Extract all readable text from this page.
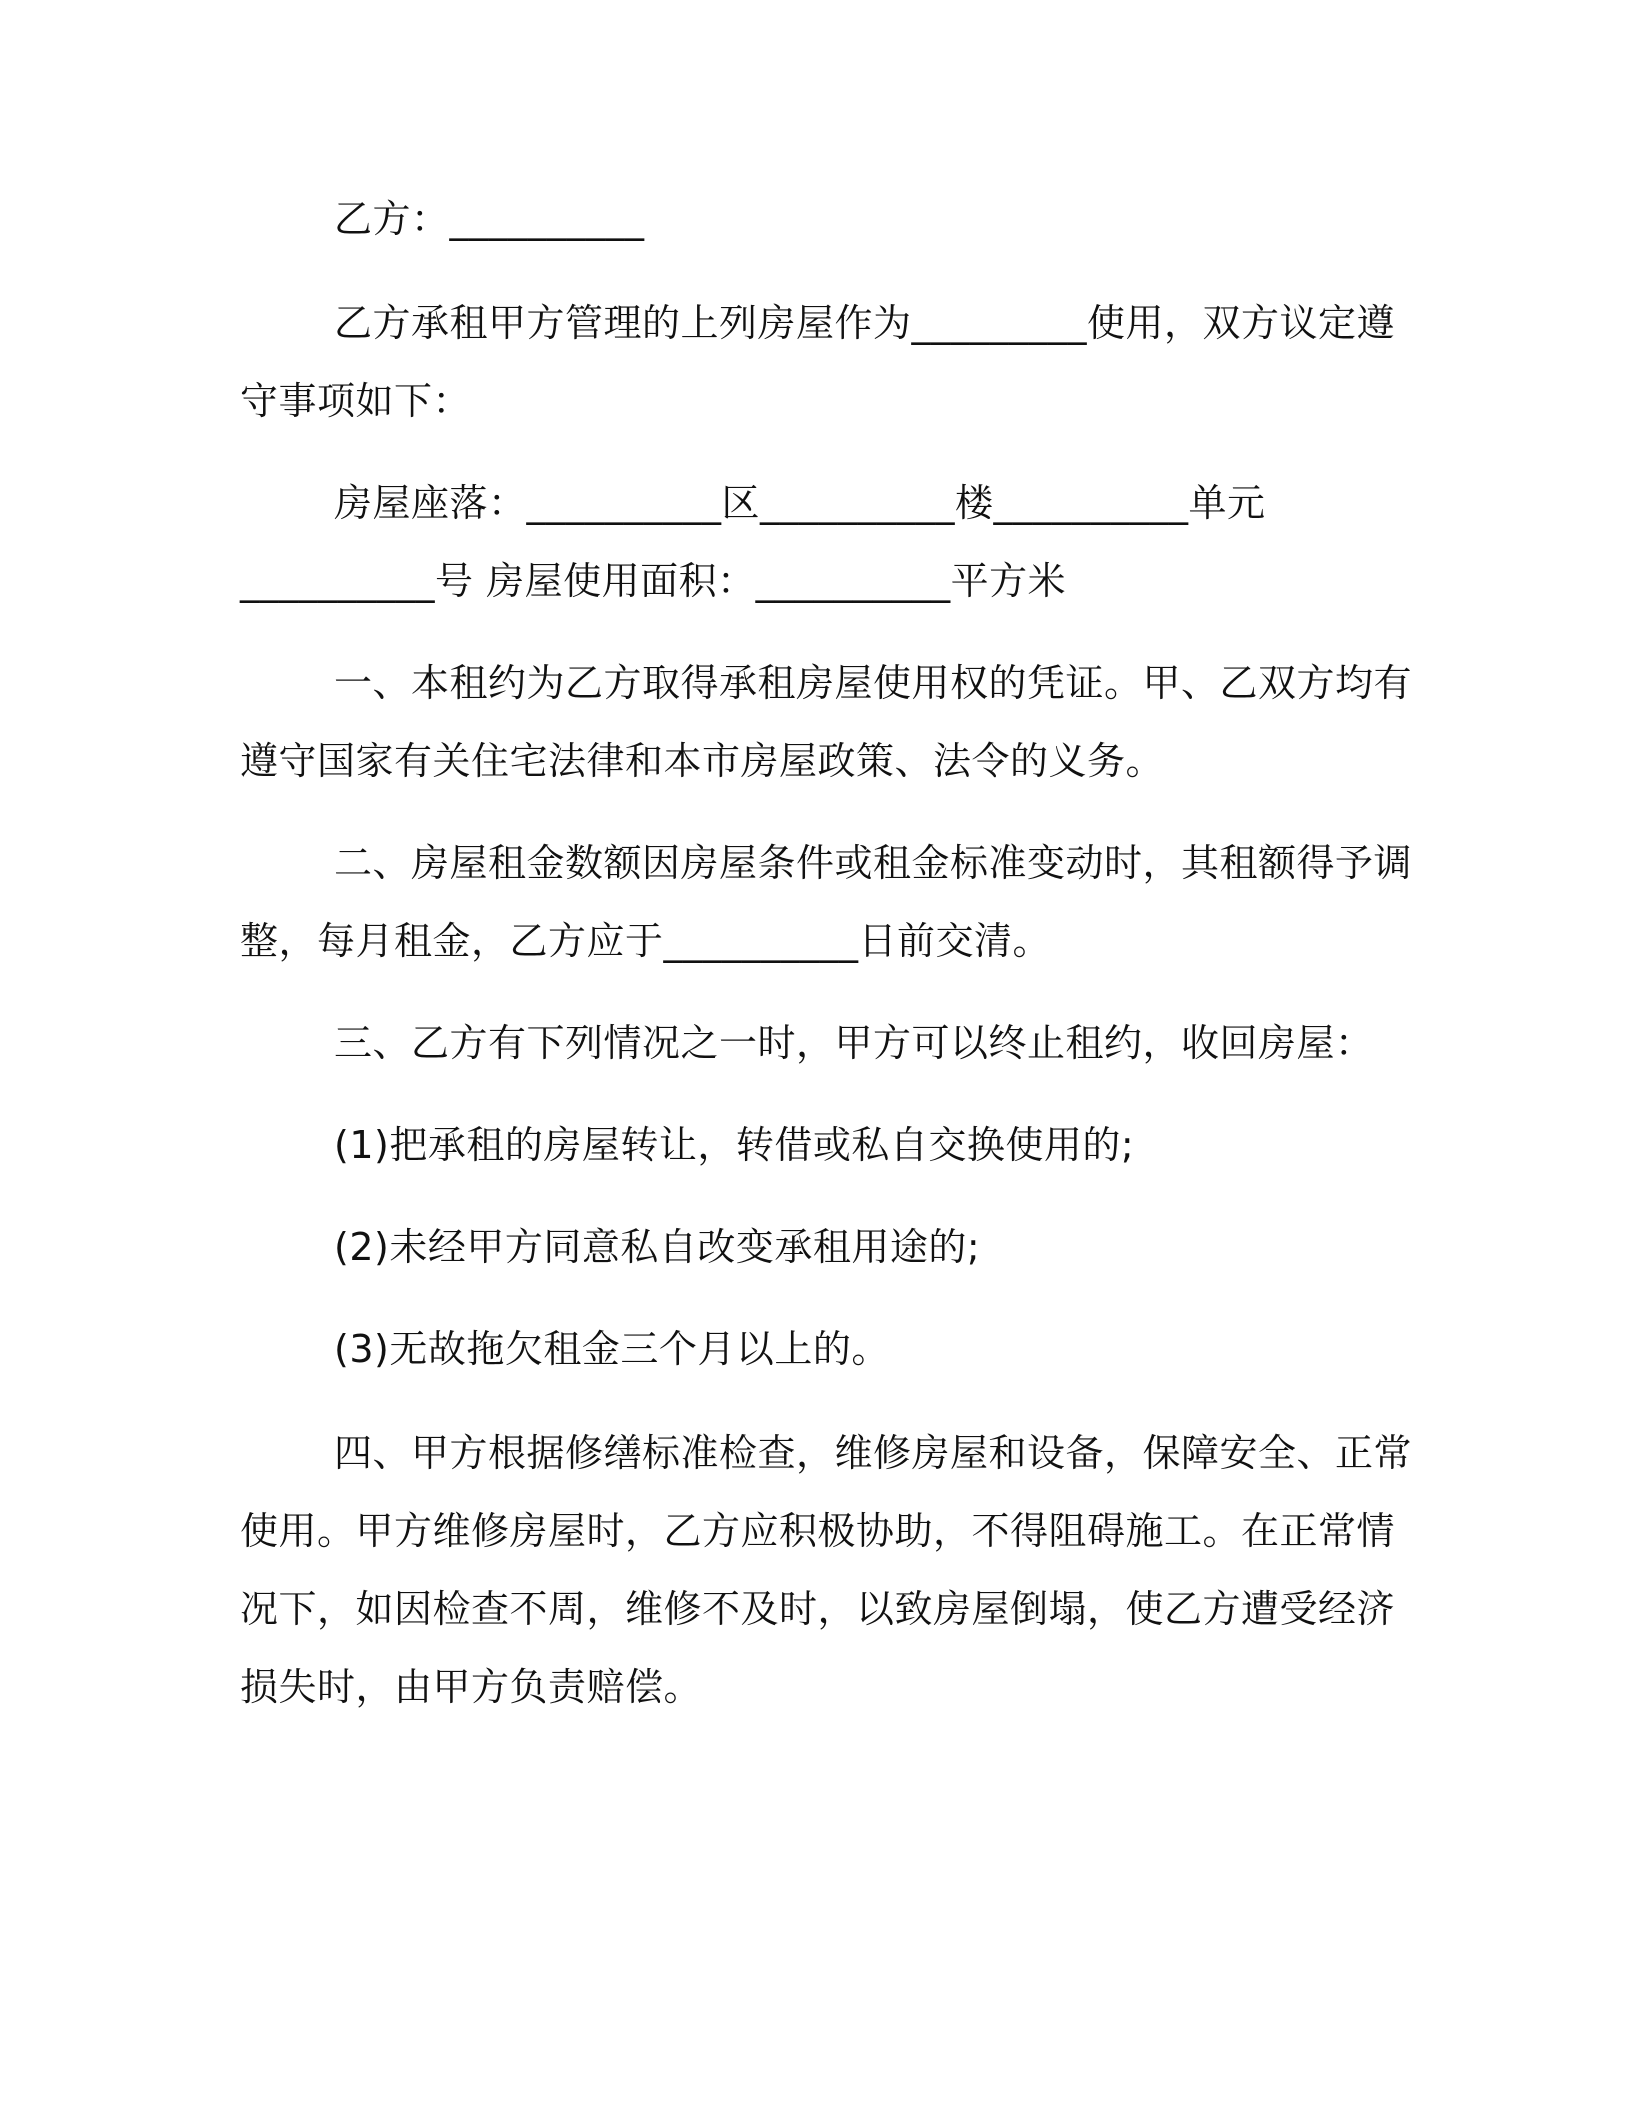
乙方：__________

乙方承租甲方管理的上列房屋作为_________使用，双方议定遵
守事项如下：

房屋座落：__________区__________楼__________单元
__________号 房屋使用面积：__________平方米

一、本租约为乙方取得承租房屋使用权的凭证。甲、乙双方均有
遵守国家有关住宅法律和本市房屋政策、法令的义务。

二、房屋租金数额因房屋条件或租金标准变动时，其租额得予调
整，每月租金，乙方应于__________日前交清。

三、乙方有下列情况之一时，甲方可以终止租约，收回房屋：

(1)把承租的房屋转让，转借或私自交换使用的;

(2)未经甲方同意私自改变承租用途的;

(3)无故拖欠租金三个月以上的。

四、甲方根据修缮标准检查，维修房屋和设备，保障安全、正常
使用。甲方维修房屋时，乙方应积极协助，不得阻碍施工。在正常情
况下，如因检查不周，维修不及时，以致房屋倒塌，使乙方遭受经济
损失时，由甲方负责赔偿。
